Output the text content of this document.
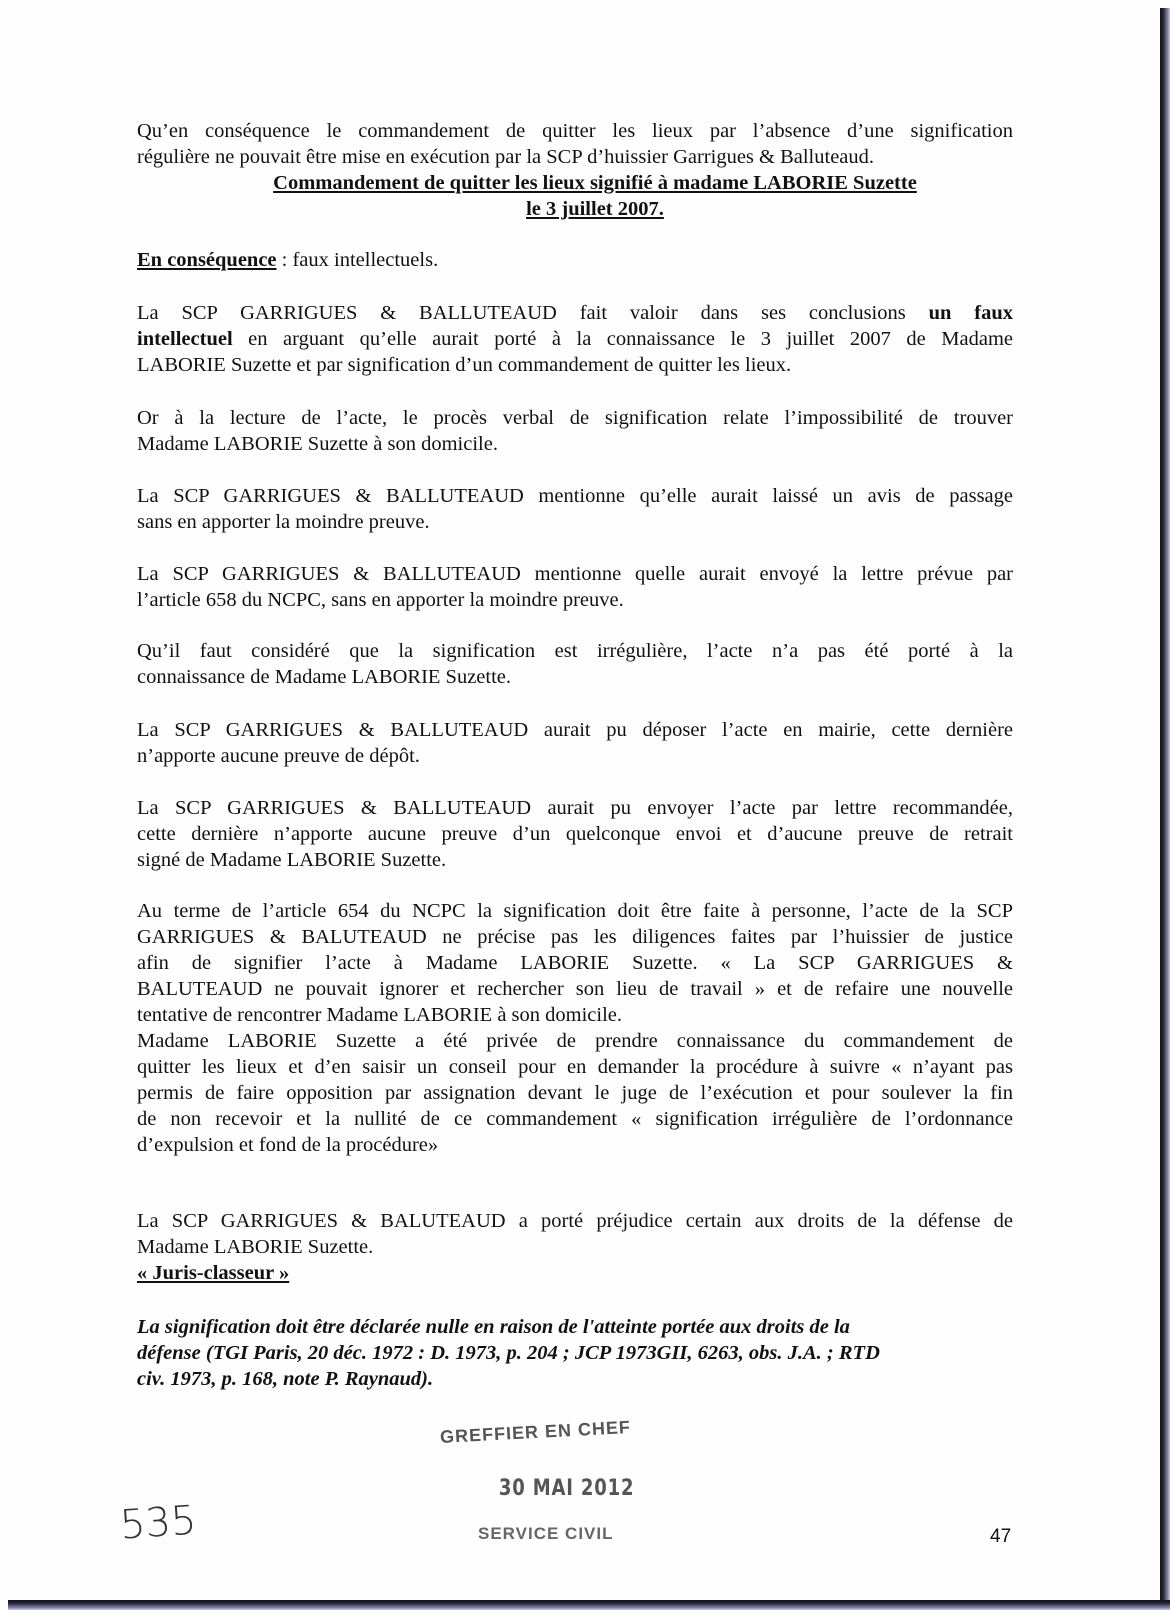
Qu’en conséquence le commandement de quitter les lieux par l’absence d’une signification
régulière ne pouvait être mise en exécution par la SCP d’huissier Garrigues & Balluteaud.
Commandement de quitter les lieux signifié à madame LABORIE Suzette
le 3 juillet 2007.
En conséquence : faux intellectuels.
La SCP GARRIGUES & BALLUTEAUD fait valoir dans ses conclusions un faux
intellectuel en arguant qu’elle aurait porté à la connaissance le 3 juillet 2007 de Madame
LABORIE Suzette et par signification d’un commandement de quitter les lieux.
Or à la lecture de l’acte, le procès verbal de signification relate l’impossibilité de trouver
Madame LABORIE Suzette à son domicile.
La SCP GARRIGUES & BALLUTEAUD mentionne qu’elle aurait laissé un avis de passage
sans en apporter la moindre preuve.
La SCP GARRIGUES & BALLUTEAUD mentionne quelle aurait envoyé la lettre prévue par
l’article 658 du NCPC, sans en apporter la moindre preuve.
Qu’il faut considéré que la signification est irrégulière, l’acte n’a pas été porté à la
connaissance de Madame LABORIE Suzette.
La SCP GARRIGUES & BALLUTEAUD aurait pu déposer l’acte en mairie, cette dernière
n’apporte aucune preuve de dépôt.
La SCP GARRIGUES & BALLUTEAUD aurait pu envoyer l’acte par lettre recommandée,
cette dernière n’apporte aucune preuve d’un quelconque envoi et d’aucune preuve de retrait
signé de Madame LABORIE Suzette.
Au terme de l’article 654 du NCPC la signification doit être faite à personne, l’acte de la SCP
GARRIGUES & BALUTEAUD ne précise pas les diligences faites par l’huissier de justice
afin de signifier l’acte à Madame LABORIE Suzette. « La SCP GARRIGUES &
BALUTEAUD ne pouvait ignorer et rechercher son lieu de travail » et de refaire une nouvelle
tentative de rencontrer Madame LABORIE à son domicile.
Madame LABORIE Suzette a été privée de prendre connaissance du commandement de
quitter les lieux et d’en saisir un conseil pour en demander la procédure à suivre « n’ayant pas
permis de faire opposition par assignation devant le juge de l’exécution et pour soulever la fin
de non recevoir et la nullité de ce commandement « signification irrégulière de l’ordonnance
d’expulsion et fond de la procédure»
La SCP GARRIGUES & BALUTEAUD a porté préjudice certain aux droits de la défense de
Madame LABORIE Suzette.
« Juris-classeur »
La signification doit être déclarée nulle en raison de l'atteinte portée aux droits de la
défense (TGI Paris, 20 déc. 1972 : D. 1973, p. 204 ; JCP 1973GII, 6263, obs. J.A. ; RTD
civ. 1973, p. 168, note P. Raynaud).
GREFFIER EN CHEF
30 MAI 2012
SERVICE CIVIL
535	47
